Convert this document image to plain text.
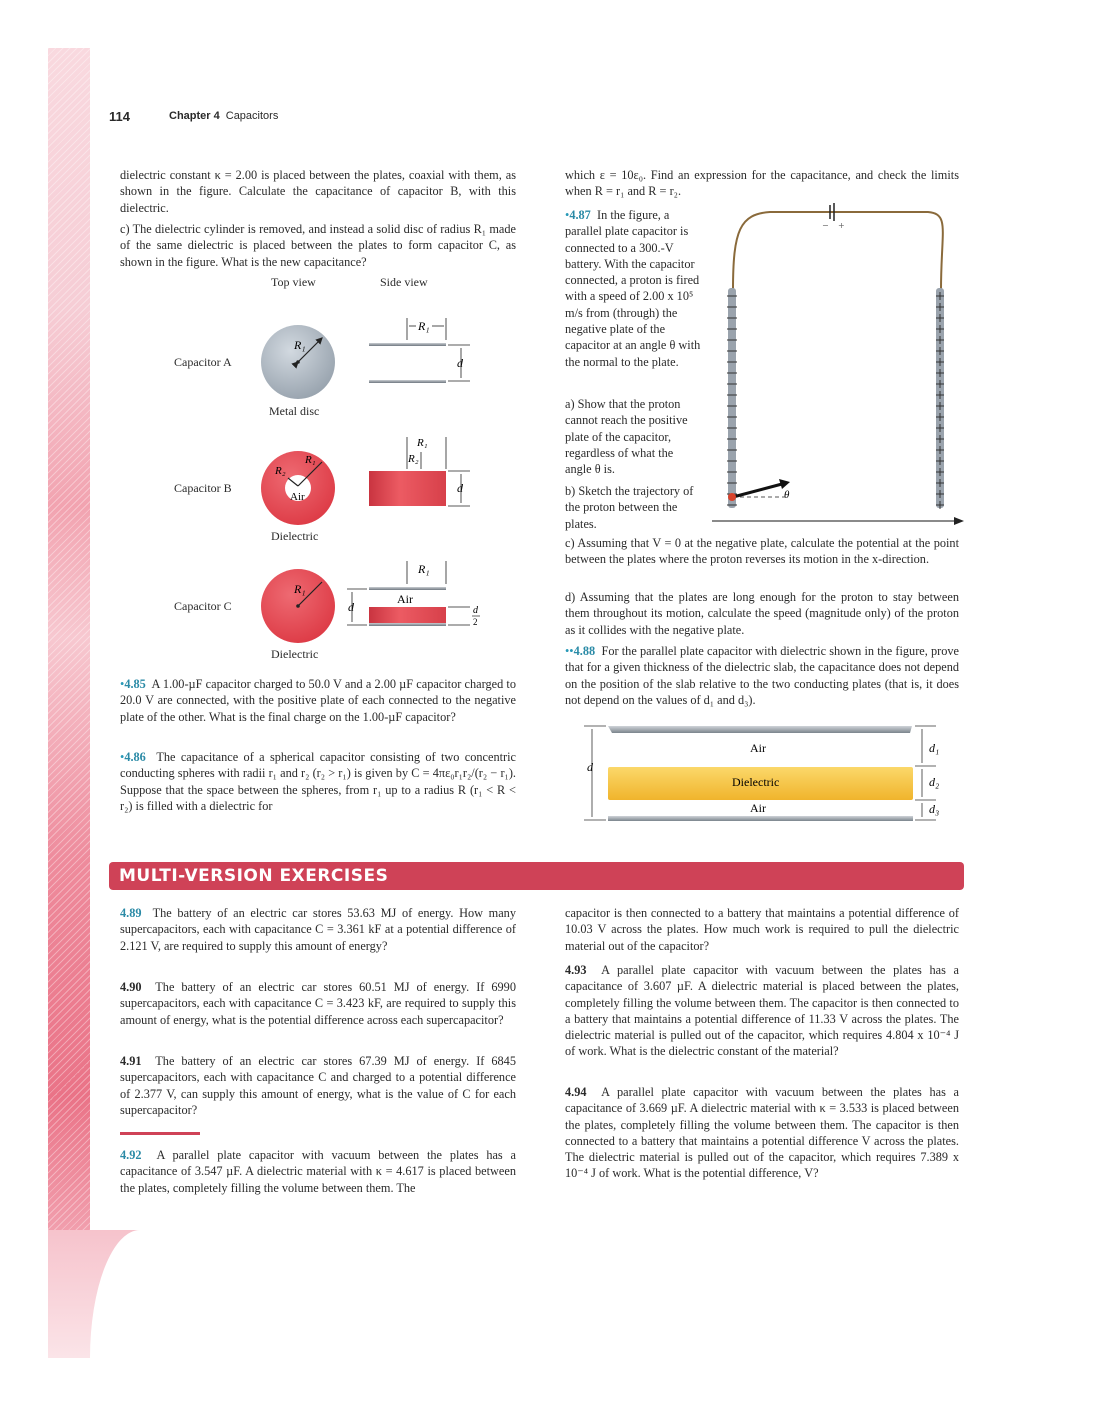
114	Chapter 4 Capacitors
dielectric constant κ = 2.00 is placed between the plates, coaxial with them, as shown in the figure. Calculate the capacitance of capacitor B, with this dielectric.
c) The dielectric cylinder is removed, and instead a solid disc of radius R₁ made of the same dielectric is placed between the plates to form capacitor C, as shown in the figure. What is the new capacitance?
Top view	Side view
Capacitor A
Metal disc
Capacitor B
Dielectric
Capacitor C
Dielectric
R₁
R₁
d
R₁
R₂
Air
R₁
R₂
d
R₁
Air
R₁
d	d
2
•4.85 A 1.00-µF capacitor charged to 50.0 V and a 2.00 µF capacitor charged to 20.0 V are connected, with the positive plate of each connected to the negative plate of the other. What is the final charge on the 1.00-µF capacitor?
•4.86 The capacitance of a spherical capacitor consisting of two concentric conducting spheres with radii r₁ and r₂ (r₂ > r₁) is given by C = 4πε₀r₁r₂/(r₂ − r₁). Suppose that the space between the spheres, from r₁ up to a radius R (r₁ < R < r₂) is filled with a dielectric for
which ε = 10ε₀. Find an expression for the capacitance, and check the limits when R = r₁ and R = r₂.
•4.87 In the figure, a parallel plate capacitor is connected to a 300.-V battery. With the capacitor connected, a proton is fired with a speed of 2.00 x 10⁵ m/s from (through) the negative plate of the capacitor at an angle θ with the normal to the plate.
a) Show that the proton cannot reach the positive plate of the capacitor, regardless of what the angle θ is.
b) Sketch the trajectory of the proton between the plates.
− +
θ
c) Assuming that V = 0 at the negative plate, calculate the potential at the point between the plates where the proton reverses its motion in the x-direction.
d) Assuming that the plates are long enough for the proton to stay between them throughout its motion, calculate the speed (magnitude only) of the proton as it collides with the negative plate.
••4.88 For the parallel plate capacitor with dielectric shown in the figure, prove that for a given thickness of the dielectric slab, the capacitance does not depend on the position of the slab relative to the two conducting plates (that is, it does not depend on the values of d₁ and d₃).
d
d₁
d₂
d₃
Air
Dielectric
Air
MULTI-VERSION EXERCISES
4.89 The battery of an electric car stores 53.63 MJ of energy. How many supercapacitors, each with capacitance C = 3.361 kF at a potential difference of 2.121 V, are required to supply this amount of energy?
4.90 The battery of an electric car stores 60.51 MJ of energy. If 6990 supercapacitors, each with capacitance C = 3.423 kF, are required to supply this amount of energy, what is the potential difference across each supercapacitor?
4.91 The battery of an electric car stores 67.39 MJ of energy. If 6845 supercapacitors, each with capacitance C and charged to a potential difference of 2.377 V, can supply this amount of energy, what is the value of C for each supercapacitor?
4.92 A parallel plate capacitor with vacuum between the plates has a capacitance of 3.547 µF. A dielectric material with κ = 4.617 is placed between the plates, completely filling the volume between them. The
capacitor is then connected to a battery that maintains a potential difference of 10.03 V across the plates. How much work is required to pull the dielectric material out of the capacitor?
4.93 A parallel plate capacitor with vacuum between the plates has a capacitance of 3.607 µF. A dielectric material is placed between the plates, completely filling the volume between them. The capacitor is then connected to a battery that maintains a potential difference of 11.33 V across the plates. The dielectric material is pulled out of the capacitor, which requires 4.804 x 10⁻⁴ J of work. What is the dielectric constant of the material?
4.94 A parallel plate capacitor with vacuum between the plates has a capacitance of 3.669 µF. A dielectric material with κ = 3.533 is placed between the plates, completely filling the volume between them. The capacitor is then connected to a battery that maintains a potential difference V across the plates. The dielectric material is pulled out of the capacitor, which requires 7.389 x 10⁻⁴ J of work. What is the potential difference, V?
